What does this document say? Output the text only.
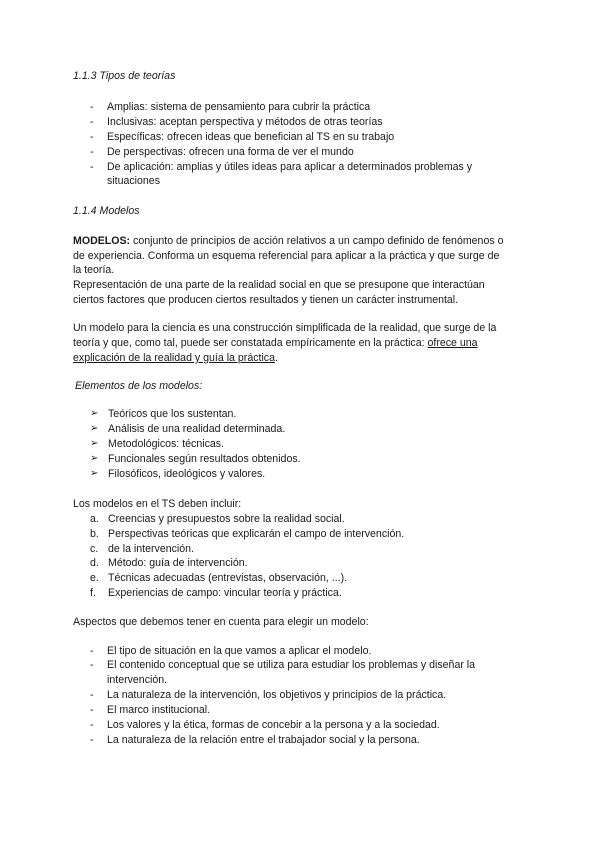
1.1.3 Tipos de teorías
- Amplias: sistema de pensamiento para cubrir la práctica
- Inclusivas: aceptan perspectiva y métodos de otras teorías
- Específicas: ofrecen ideas que benefician al TS en su trabajo
- De perspectivas: ofrecen una forma de ver el mundo
- De aplicación: amplias y útiles ideas para aplicar a determinados problemas y
situaciones
1.1.4 Modelos
MODELOS: conjunto de principios de acción relativos a un campo definido de fenómenos o
de experiencia. Conforma un esquema referencial para aplicar a la práctica y que surge de
la teoría.
Representación de una parte de la realidad social en que se presupone que interactúan
ciertos factores que producen ciertos resultados y tienen un carácter instrumental.
Un modelo para la ciencia es una construcción simplificada de la realidad, que surge de la
teoría y que, como tal, puede ser constatada empíricamente en la práctica: ofrece una
explicación de la realidad y guía la práctica.
Elementos de los modelos:
➢ Teóricos que los sustentan.
➢ Análisis de una realidad determinada.
➢ Metodológicos: técnicas.
➢ Funcionales según resultados obtenidos.
➢ Filosóficos, ideológicos y valores.
Los modelos en el TS deben incluir:
a. Creencias y presupuestos sobre la realidad social.
b. Perspectivas teóricas que explicarán el campo de intervención.
c. de la intervención.
d. Método: guía de intervención.
e. Técnicas adecuadas (entrevistas, observación, ...).
f. Experiencias de campo: vincular teoría y práctica.
Aspectos que debemos tener en cuenta para elegir un modelo:
- El tipo de situación en la que vamos a aplicar el modelo.
- El contenido conceptual que se utiliza para estudiar los problemas y diseñar la
intervención.
- La naturaleza de la intervención, los objetivos y principios de la práctica.
- El marco institucional.
- Los valores y la ética, formas de concebir a la persona y a la sociedad.
- La naturaleza de la relación entre el trabajador social y la persona.
